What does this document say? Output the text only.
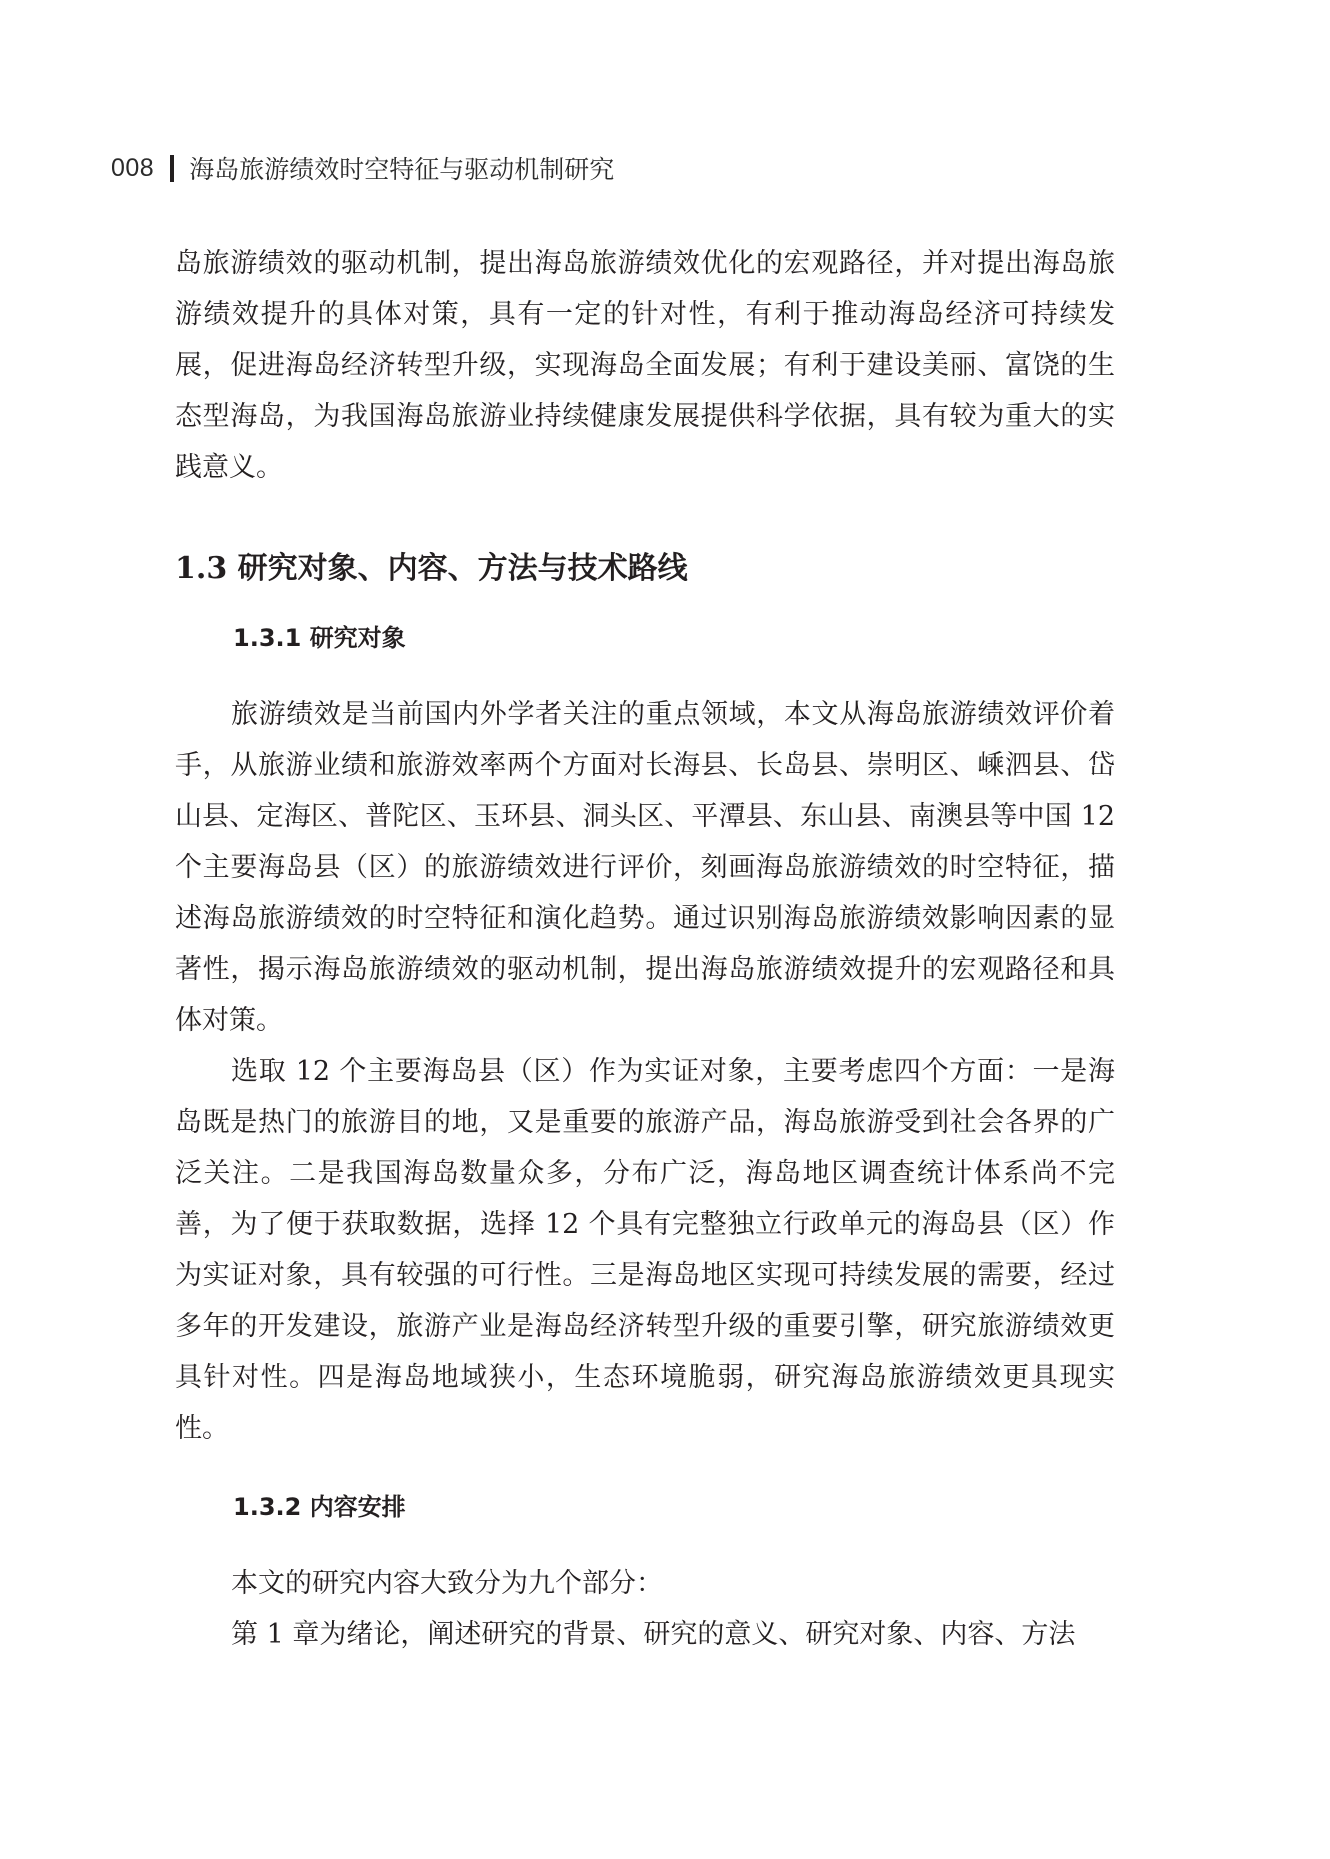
008 海岛旅游绩效时空特征与驱动机制研究

岛旅游绩效的驱动机制，提出海岛旅游绩效优化的宏观路径，并对提出海岛旅游绩效提升的具体对策，具有一定的针对性，有利于推动海岛经济可持续发展，促进海岛经济转型升级，实现海岛全面发展；有利于建设美丽、富饶的生态型海岛，为我国海岛旅游业持续健康发展提供科学依据，具有较为重大的实践意义。

1.3 研究对象、内容、方法与技术路线
1.3.1 研究对象

旅游绩效是当前国内外学者关注的重点领域，本文从海岛旅游绩效评价着手，从旅游业绩和旅游效率两个方面对长海县、长岛县、崇明区、嵊泗县、岱山县、定海区、普陀区、玉环县、洞头区、平潭县、东山县、南澳县等中国 12 个主要海岛县（区）的旅游绩效进行评价，刻画海岛旅游绩效的时空特征，描述海岛旅游绩效的时空特征和演化趋势。通过识别海岛旅游绩效影响因素的显著性，揭示海岛旅游绩效的驱动机制，提出海岛旅游绩效提升的宏观路径和具体对策。

选取 12 个主要海岛县（区）作为实证对象，主要考虑四个方面：一是海岛既是热门的旅游目的地，又是重要的旅游产品，海岛旅游受到社会各界的广泛关注。二是我国海岛数量众多，分布广泛，海岛地区调查统计体系尚不完善，为了便于获取数据，选择 12 个具有完整独立行政单元的海岛县（区）作为实证对象，具有较强的可行性。三是海岛地区实现可持续发展的需要，经过多年的开发建设，旅游产业是海岛经济转型升级的重要引擎，研究旅游绩效更具针对性。四是海岛地域狭小，生态环境脆弱，研究海岛旅游绩效更具现实性。

1.3.2 内容安排

本文的研究内容大致分为九个部分：

第 1 章为绪论，阐述研究的背景、研究的意义、研究对象、内容、方法
